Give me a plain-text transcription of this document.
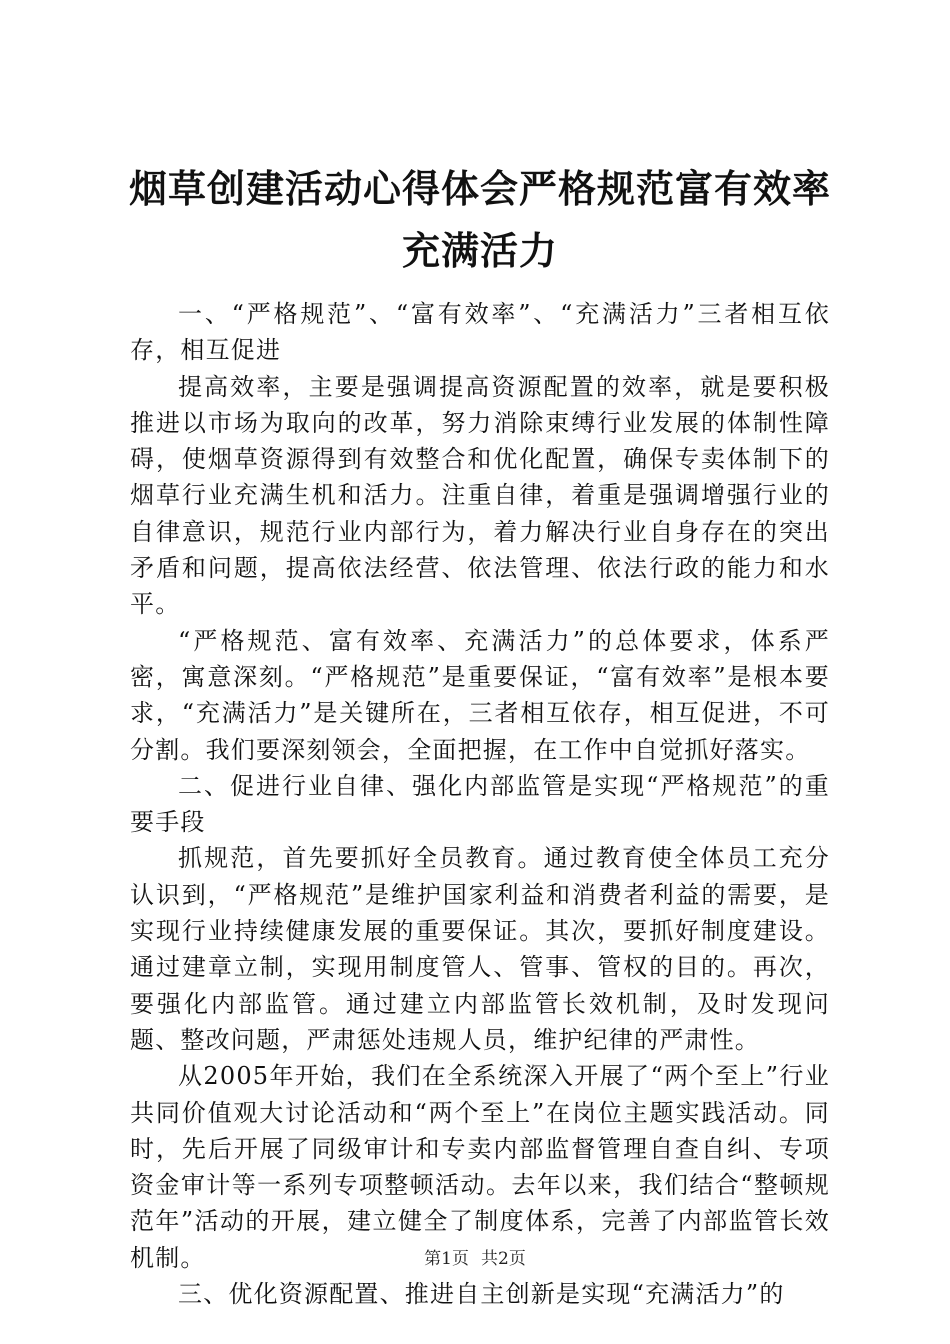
烟草创建活动心得体会严格规范富有效率充满活力

一、“严格规范”、“富有效率”、“充满活力”三者相互依存，相互促进

提高效率，主要是强调提高资源配置的效率，就是要积极推进以市场为取向的改革，努力消除束缚行业发展的体制性障碍，使烟草资源得到有效整合和优化配置，确保专卖体制下的烟草行业充满生机和活力。注重自律，着重是强调增强行业的自律意识，规范行业内部行为，着力解决行业自身存在的突出矛盾和问题，提高依法经营、依法管理、依法行政的能力和水平。

“严格规范、富有效率、充满活力”的总体要求，体系严密，寓意深刻。“严格规范”是重要保证，“富有效率”是根本要求，“充满活力”是关键所在，三者相互依存，相互促进，不可分割。我们要深刻领会，全面把握，在工作中自觉抓好落实。

二、促进行业自律、强化内部监管是实现“严格规范”的重要手段

抓规范，首先要抓好全员教育。通过教育使全体员工充分认识到，“严格规范”是维护国家利益和消费者利益的需要，是实现行业持续健康发展的重要保证。其次，要抓好制度建设。通过建章立制，实现用制度管人、管事、管权的目的。再次，要强化内部监管。通过建立内部监管长效机制，及时发现问题、整改问题，严肃惩处违规人员，维护纪律的严肃性。

从2005年开始，我们在全系统深入开展了“两个至上”行业共同价值观大讨论活动和“两个至上”在岗位主题实践活动。同时，先后开展了同级审计和专卖内部监督管理自查自纠、专项资金审计等一系列专项整顿活动。去年以来，我们结合“整顿规范年”活动的开展，建立健全了制度体系，完善了内部监管长效机制。

三、优化资源配置、推进自主创新是实现“充满活力”的

第1页 共2页
